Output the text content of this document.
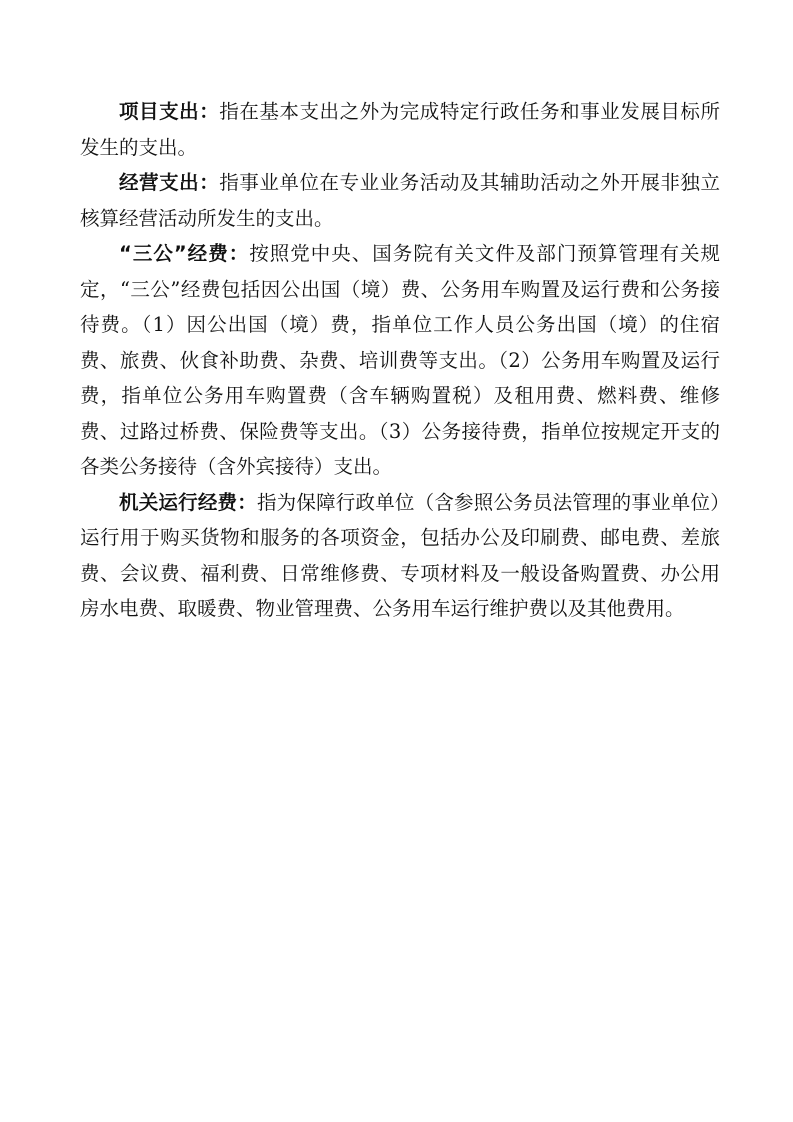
项目支出：指在基本支出之外为完成特定行政任务和事业发展目标所发生的支出。

经营支出：指事业单位在专业业务活动及其辅助活动之外开展非独立核算经营活动所发生的支出。

“三公”经费：按照党中央、国务院有关文件及部门预算管理有关规定，“三公”经费包括因公出国（境）费、公务用车购置及运行费和公务接待费。（1）因公出国（境）费，指单位工作人员公务出国（境）的住宿费、旅费、伙食补助费、杂费、培训费等支出。（2）公务用车购置及运行费，指单位公务用车购置费（含车辆购置税）及租用费、燃料费、维修费、过路过桥费、保险费等支出。（3）公务接待费，指单位按规定开支的各类公务接待（含外宾接待）支出。

机关运行经费：指为保障行政单位（含参照公务员法管理的事业单位）运行用于购买货物和服务的各项资金，包括办公及印刷费、邮电费、差旅费、会议费、福利费、日常维修费、专项材料及一般设备购置费、办公用房水电费、取暖费、物业管理费、公务用车运行维护费以及其他费用。
